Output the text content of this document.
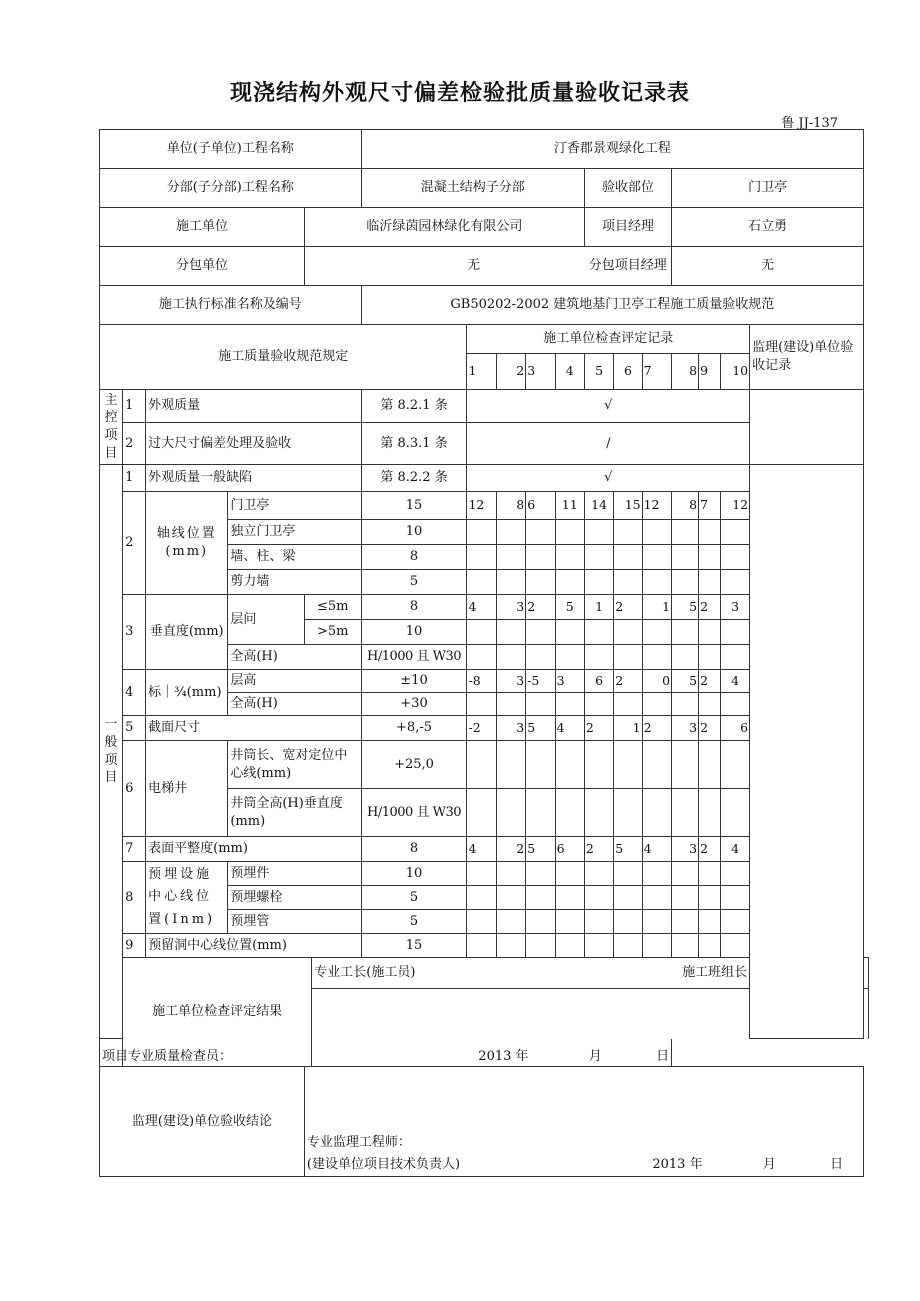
现浇结构外观尺寸偏差检验批质量验收记录表
鲁 JJ-137
单位(子单位)工程名称						汀香郡景观绿化工程												
分部(子分部)工程名称						混凝土结构子分部					验收部位			门卫亭				
施工单位				临沂绿茵园林绿化有限公司							项目经理			石立勇				
分包单位				无							分包项目经理			无				
施工执行标准名称及编号						GB50202-2002 建筑地基门卫亭工程施工质量验收规范												
施工质量验收规范规定							施工单位检查评定记录										监理(建设)单位验收记录	
							1	2	3	4	5	6	7	8	9	10		
主控项目	1	外观质量				第 8.2.1 条	√											
	2	过大尺寸偏差处理及验收				第 8.3.1 条	/											
一般项目	1	外观质量一般缺陷				第 8.2.2 条	√											
	2	轴线位置(mm)	门卫亭			15	12	8	6	11	14	15	12	8	7	12		
			独立门卫亭			10												
			墙、柱、梁			8												
			剪力墙			5												
	3	垂直度(mm)	层问	≤5m		8	4	3	2	5	1	2	1	5	2	3		
				>5m		10												
			全高(H)			H/1000 且 W30												
	4	标｜¾(mm)	层高			±10	-8	3	-5	3	6	2	0	5	2	4		
			全高(H)			+30												
	5	截面尺寸				+8,-5	-2	3	5	4	2	1	2	3	2	6		
	6	电梯井	井筒长、宽对定位中心线(mm)			+25,0												
			井筒全高(H)垂直度(mm)			H/1000 且 W30												
	7	表面平整度(mm)				8	4	2	5	6	2	5	4	3	2	4		
	8	预埋设施中心线位置(Inm)	预埋件			10												
			预埋螺栓			5												
			预埋管			5												
	9	预留洞中心线位置(mm)				15												
	施工单位检查评定结果				专业工长(施工员)					施工班组长								

项目专业质量检查员： 2013 年 月 日																		
监理(建设)单位验收结论				专业监理工程师：
(建设单位项目技术负责人) 2013 年 月 日														
